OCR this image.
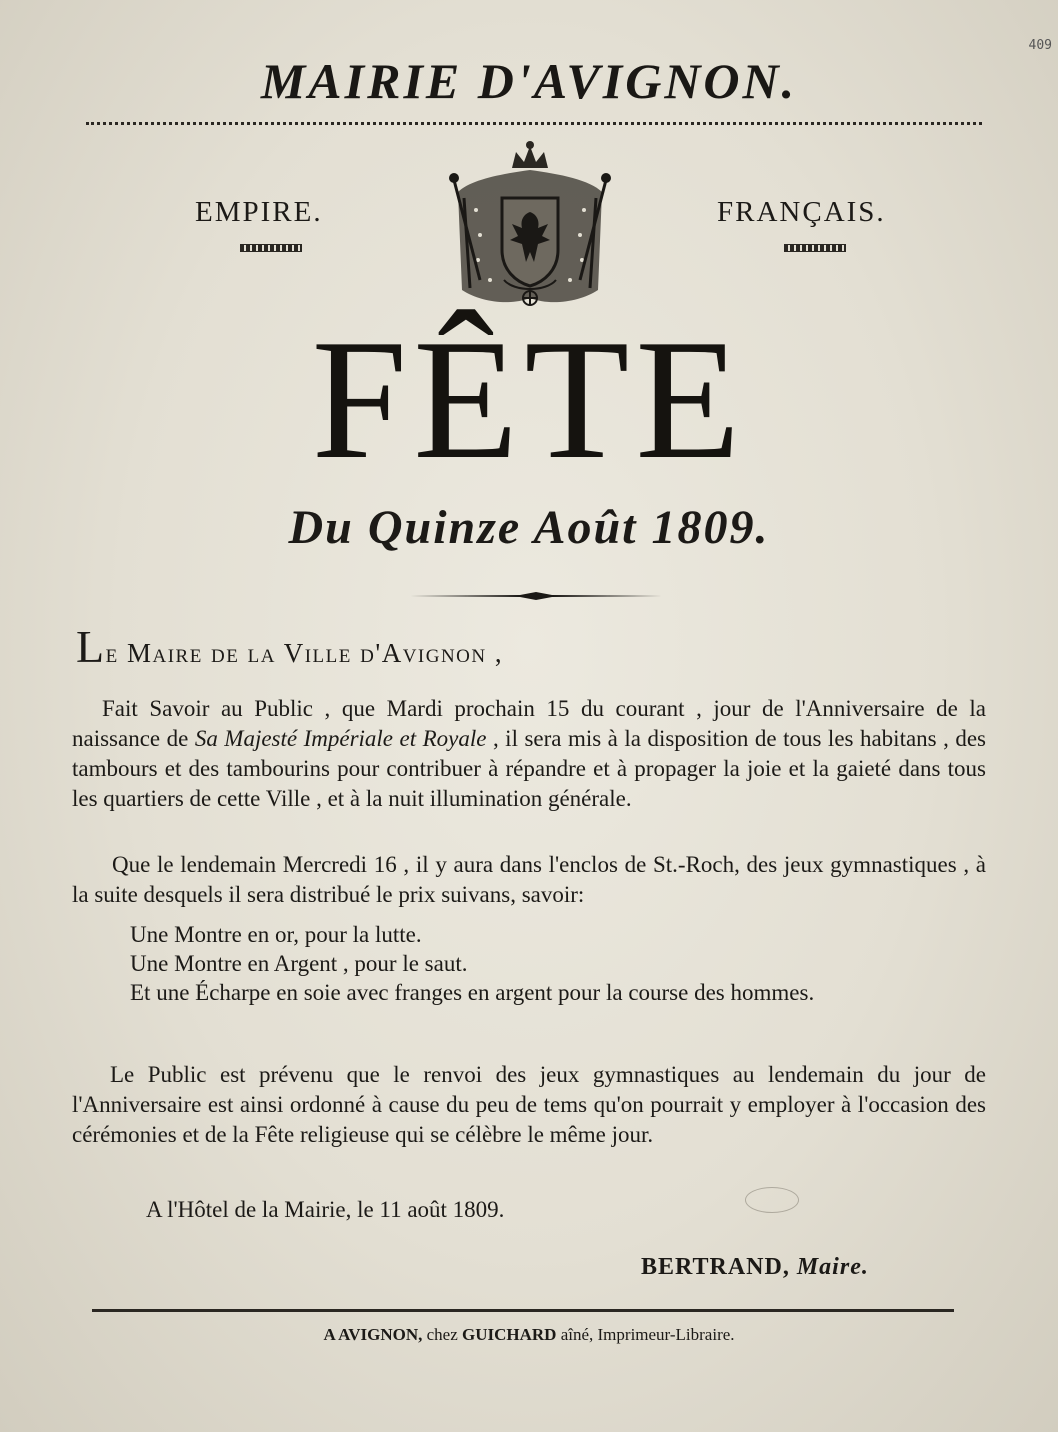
409
MAIRIE D'AVIGNON.
EMPIRE.	FRANÇAIS.
FÊTE
Du Quinze Août 1809.
Le Maire de la Ville d'Avignon ,
Fait Savoir au Public , que Mardi prochain 15 du courant , jour de l'Anniversaire de la naissance de Sa Majesté Impériale et Royale , il sera mis à la disposition de tous les habitans , des tambours et des tambourins pour contribuer à répandre et à propager la joie et la gaieté dans tous les quartiers de cette Ville , et à la nuit illumination générale.
Que le lendemain Mercredi 16 , il y aura dans l'enclos de St.-Roch, des jeux gymnastiques , à la suite desquels il sera distribué le prix suivans, savoir:
Une Montre en or, pour la lutte.
Une Montre en Argent , pour le saut.
Et une Écharpe en soie avec franges en argent pour la course des hommes.
Le Public est prévenu que le renvoi des jeux gymnastiques au lendemain du jour de l'Anniversaire est ainsi ordonné à cause du peu de tems qu'on pourrait y employer à l'occasion des cérémonies et de la Fête religieuse qui se célèbre le même jour.
A l'Hôtel de la Mairie, le 11 août 1809.
BERTRAND, Maire.
A AVIGNON, chez GUICHARD aîné, Imprimeur-Libraire.
